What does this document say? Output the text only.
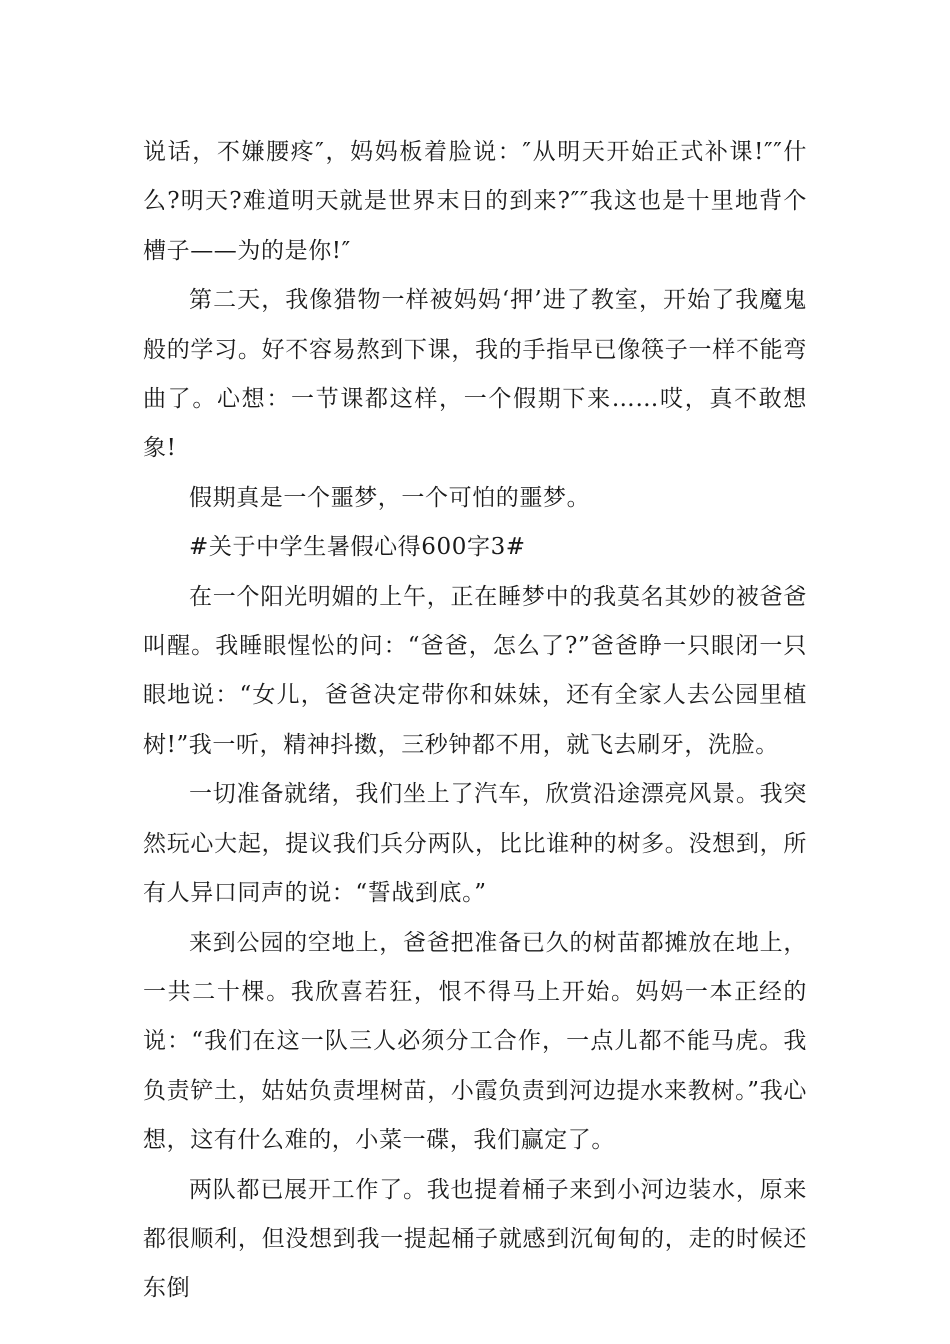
说话，不嫌腰疼″，妈妈板着脸说：″从明天开始正式补课!″″什么?明天?难道明天就是世界末日的到来?″″我这也是十里地背个槽子——为的是你!″

第二天，我像猎物一样被妈妈‘押’进了教室，开始了我魔鬼般的学习。好不容易熬到下课，我的手指早已像筷子一样不能弯曲了。心想：一节课都这样，一个假期下来……哎，真不敢想象!

假期真是一个噩梦，一个可怕的噩梦。

#关于中学生暑假心得600字3#

在一个阳光明媚的上午，正在睡梦中的我莫名其妙的被爸爸叫醒。我睡眼惺忪的问：“爸爸，怎么了?”爸爸睁一只眼闭一只眼地说：“女儿，爸爸决定带你和妹妹，还有全家人去公园里植树!”我一听，精神抖擞，三秒钟都不用，就飞去刷牙，洗脸。

一切准备就绪，我们坐上了汽车，欣赏沿途漂亮风景。我突然玩心大起，提议我们兵分两队，比比谁种的树多。没想到，所有人异口同声的说：“誓战到底。”

来到公园的空地上，爸爸把准备已久的树苗都摊放在地上，一共二十棵。我欣喜若狂，恨不得马上开始。妈妈一本正经的说：“我们在这一队三人必须分工合作，一点儿都不能马虎。我负责铲土，姑姑负责埋树苗，小霞负责到河边提水来教树。”我心想，这有什么难的，小菜一碟，我们赢定了。

两队都已展开工作了。我也提着桶子来到小河边装水，原来都很顺利，但没想到我一提起桶子就感到沉甸甸的，走的时候还东倒
